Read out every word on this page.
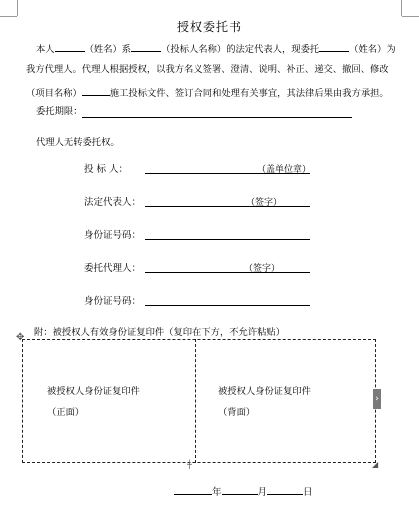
授权委托书
本人	（姓名）系	（投标人名称）的法定代表人，现委托	（姓名）为
我方代理人。代理人根据授权，以我方名义签署、澄清、说明、补正、递交、撤回、修改
（项目名称）	施工投标文件、签订合同和处理有关事宜，其法律后果由我方承担。
委托期限：
代理人无转委托权。
投 标 人：	（盖单位章）
法定代表人：	（签字）
身份证号码：
委托代理人：	（签字）
身份证号码：
附：被授权人有效身份证复印件（复印在下方，不允许粘贴）
✥
被授权人身份证复印件
（正面）
被授权人身份证复印件
（背面）
›
┼	◢
年	月	日
